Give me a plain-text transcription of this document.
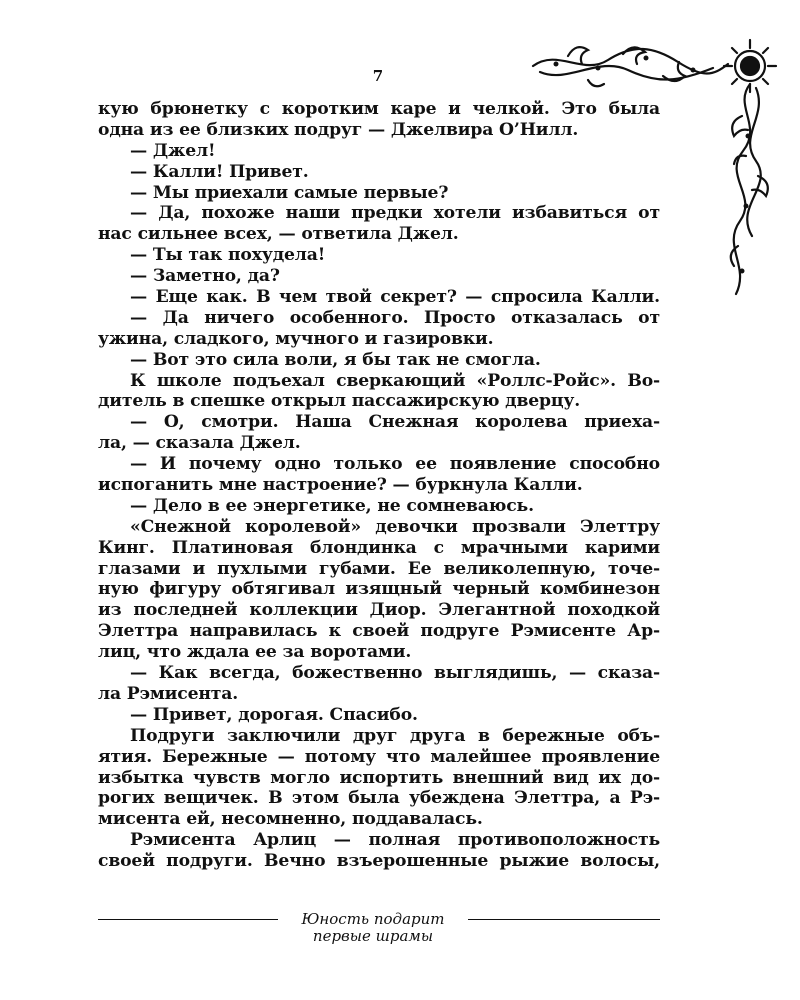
7
кую брюнетку с коротким каре и челкой. Это была
одна из ее близких подруг — Джелвира О’Нилл.
— Джел!
— Калли! Привет.
— Мы приехали самые первые?
— Да, похоже наши предки хотели избавиться от
нас сильнее всех, — ответила Джел.
— Ты так похудела!
— Заметно, да?
— Еще как. В чем твой секрет? — спросила Калли.
— Да ничего особенного. Просто отказалась от
ужина, сладкого, мучного и газировки.
— Вот это сила воли, я бы так не смогла.
К школе подъехал сверкающий «Роллс-Ройс». Во-
дитель в спешке открыл пассажирскую дверцу.
— О, смотри. Наша Снежная королева приеха-
ла, — сказала Джел.
— И почему одно только ее появление способно
испоганить мне настроение? — буркнула Калли.
— Дело в ее энергетике, не сомневаюсь.
«Снежной королевой» девочки прозвали Элеттру
Кинг. Платиновая блондинка с мрачными карими
глазами и пухлыми губами. Ее великолепную, точе-
ную фигуру обтягивал изящный черный комбинезон
из последней коллекции Диор. Элегантной походкой
Элеттра направилась к своей подруге Рэмисенте Ар-
лиц, что ждала ее за воротами.
— Как всегда, божественно выглядишь, — сказа-
ла Рэмисента.
— Привет, дорогая. Спасибо.
Подруги заключили друг друга в бережные объ-
ятия. Бережные — потому что малейшее проявление
избытка чувств могло испортить внешний вид их до-
рогих вещичек. В этом была убеждена Элеттра, а Рэ-
мисента ей, несомненно, поддавалась.
Рэмисента Арлиц — полная противоположность
своей подруги. Вечно взъерошенные рыжие волосы,
Юность подарит
первые шрамы
